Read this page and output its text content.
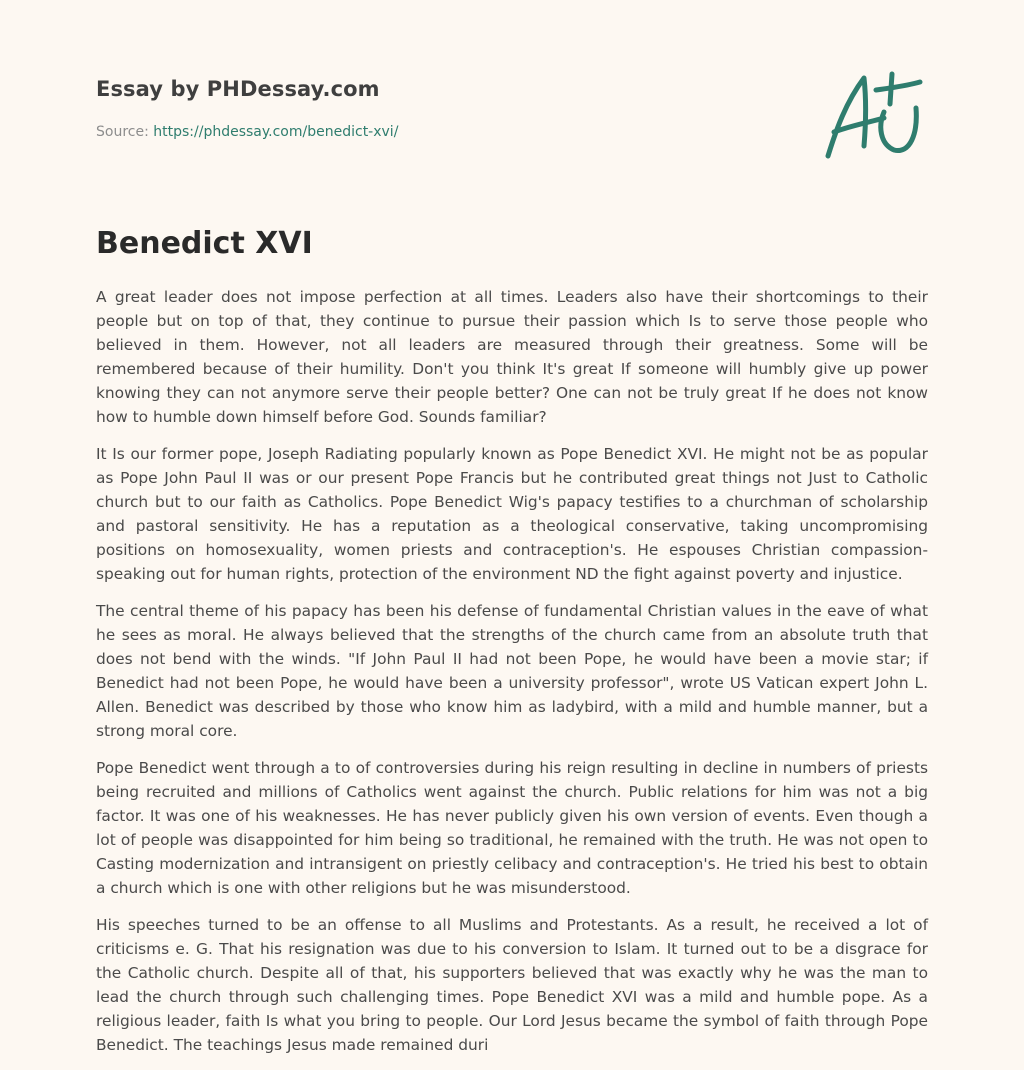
Essay by PHDessay.com
Source: https://phdessay.com/benedict-xvi/
Benedict XVI

A great leader does not impose perfection at all times. Leaders also have their shortcomings to their people but on top of that, they continue to pursue their passion which Is to serve those people who believed in them. However, not all leaders are measured through their greatness. Some will be remembered because of their humility. Don't you think It's great If someone will humbly give up power knowing they can not anymore serve their people better? One can not be truly great If he does not know how to humble down himself before God. Sounds familiar?

It Is our former pope, Joseph Radiating popularly known as Pope Benedict XVI. He might not be as popular as Pope John Paul II was or our present Pope Francis but he contributed great things not Just to Catholic church but to our faith as Catholics. Pope Benedict Wig's papacy testifies to a churchman of scholarship and pastoral sensitivity. He has a reputation as a theological conservative, taking uncompromising positions on homosexuality, women priests and contraception's. He espouses Christian compassion- speaking out for human rights, protection of the environment ND the fight against poverty and injustice.

The central theme of his papacy has been his defense of fundamental Christian values in the eave of what he sees as moral. He always believed that the strengths of the church came from an absolute truth that does not bend with the winds. "If John Paul II had not been Pope, he would have been a movie star; if Benedict had not been Pope, he would have been a university professor", wrote US Vatican expert John L. Allen. Benedict was described by those who know him as ladybird, with a mild and humble manner, but a strong moral core.

Pope Benedict went through a to of controversies during his reign resulting in decline in numbers of priests being recruited and millions of Catholics went against the church. Public relations for him was not a big factor. It was one of his weaknesses. He has never publicly given his own version of events. Even though a lot of people was disappointed for him being so traditional, he remained with the truth. He was not open to Casting modernization and intransigent on priestly celibacy and contraception's. He tried his best to obtain a church which is one with other religions but he was misunderstood.

His speeches turned to be an offense to all Muslims and Protestants. As a result, he received a lot of criticisms e. G. That his resignation was due to his conversion to Islam. It turned out to be a disgrace for the Catholic church. Despite all of that, his supporters believed that was exactly why he was the man to lead the church through such challenging times. Pope Benedict XVI was a mild and humble pope. As a religious leader, faith Is what you bring to people. Our Lord Jesus became the symbol of faith through Pope Benedict. The teachings Jesus made remained duri
